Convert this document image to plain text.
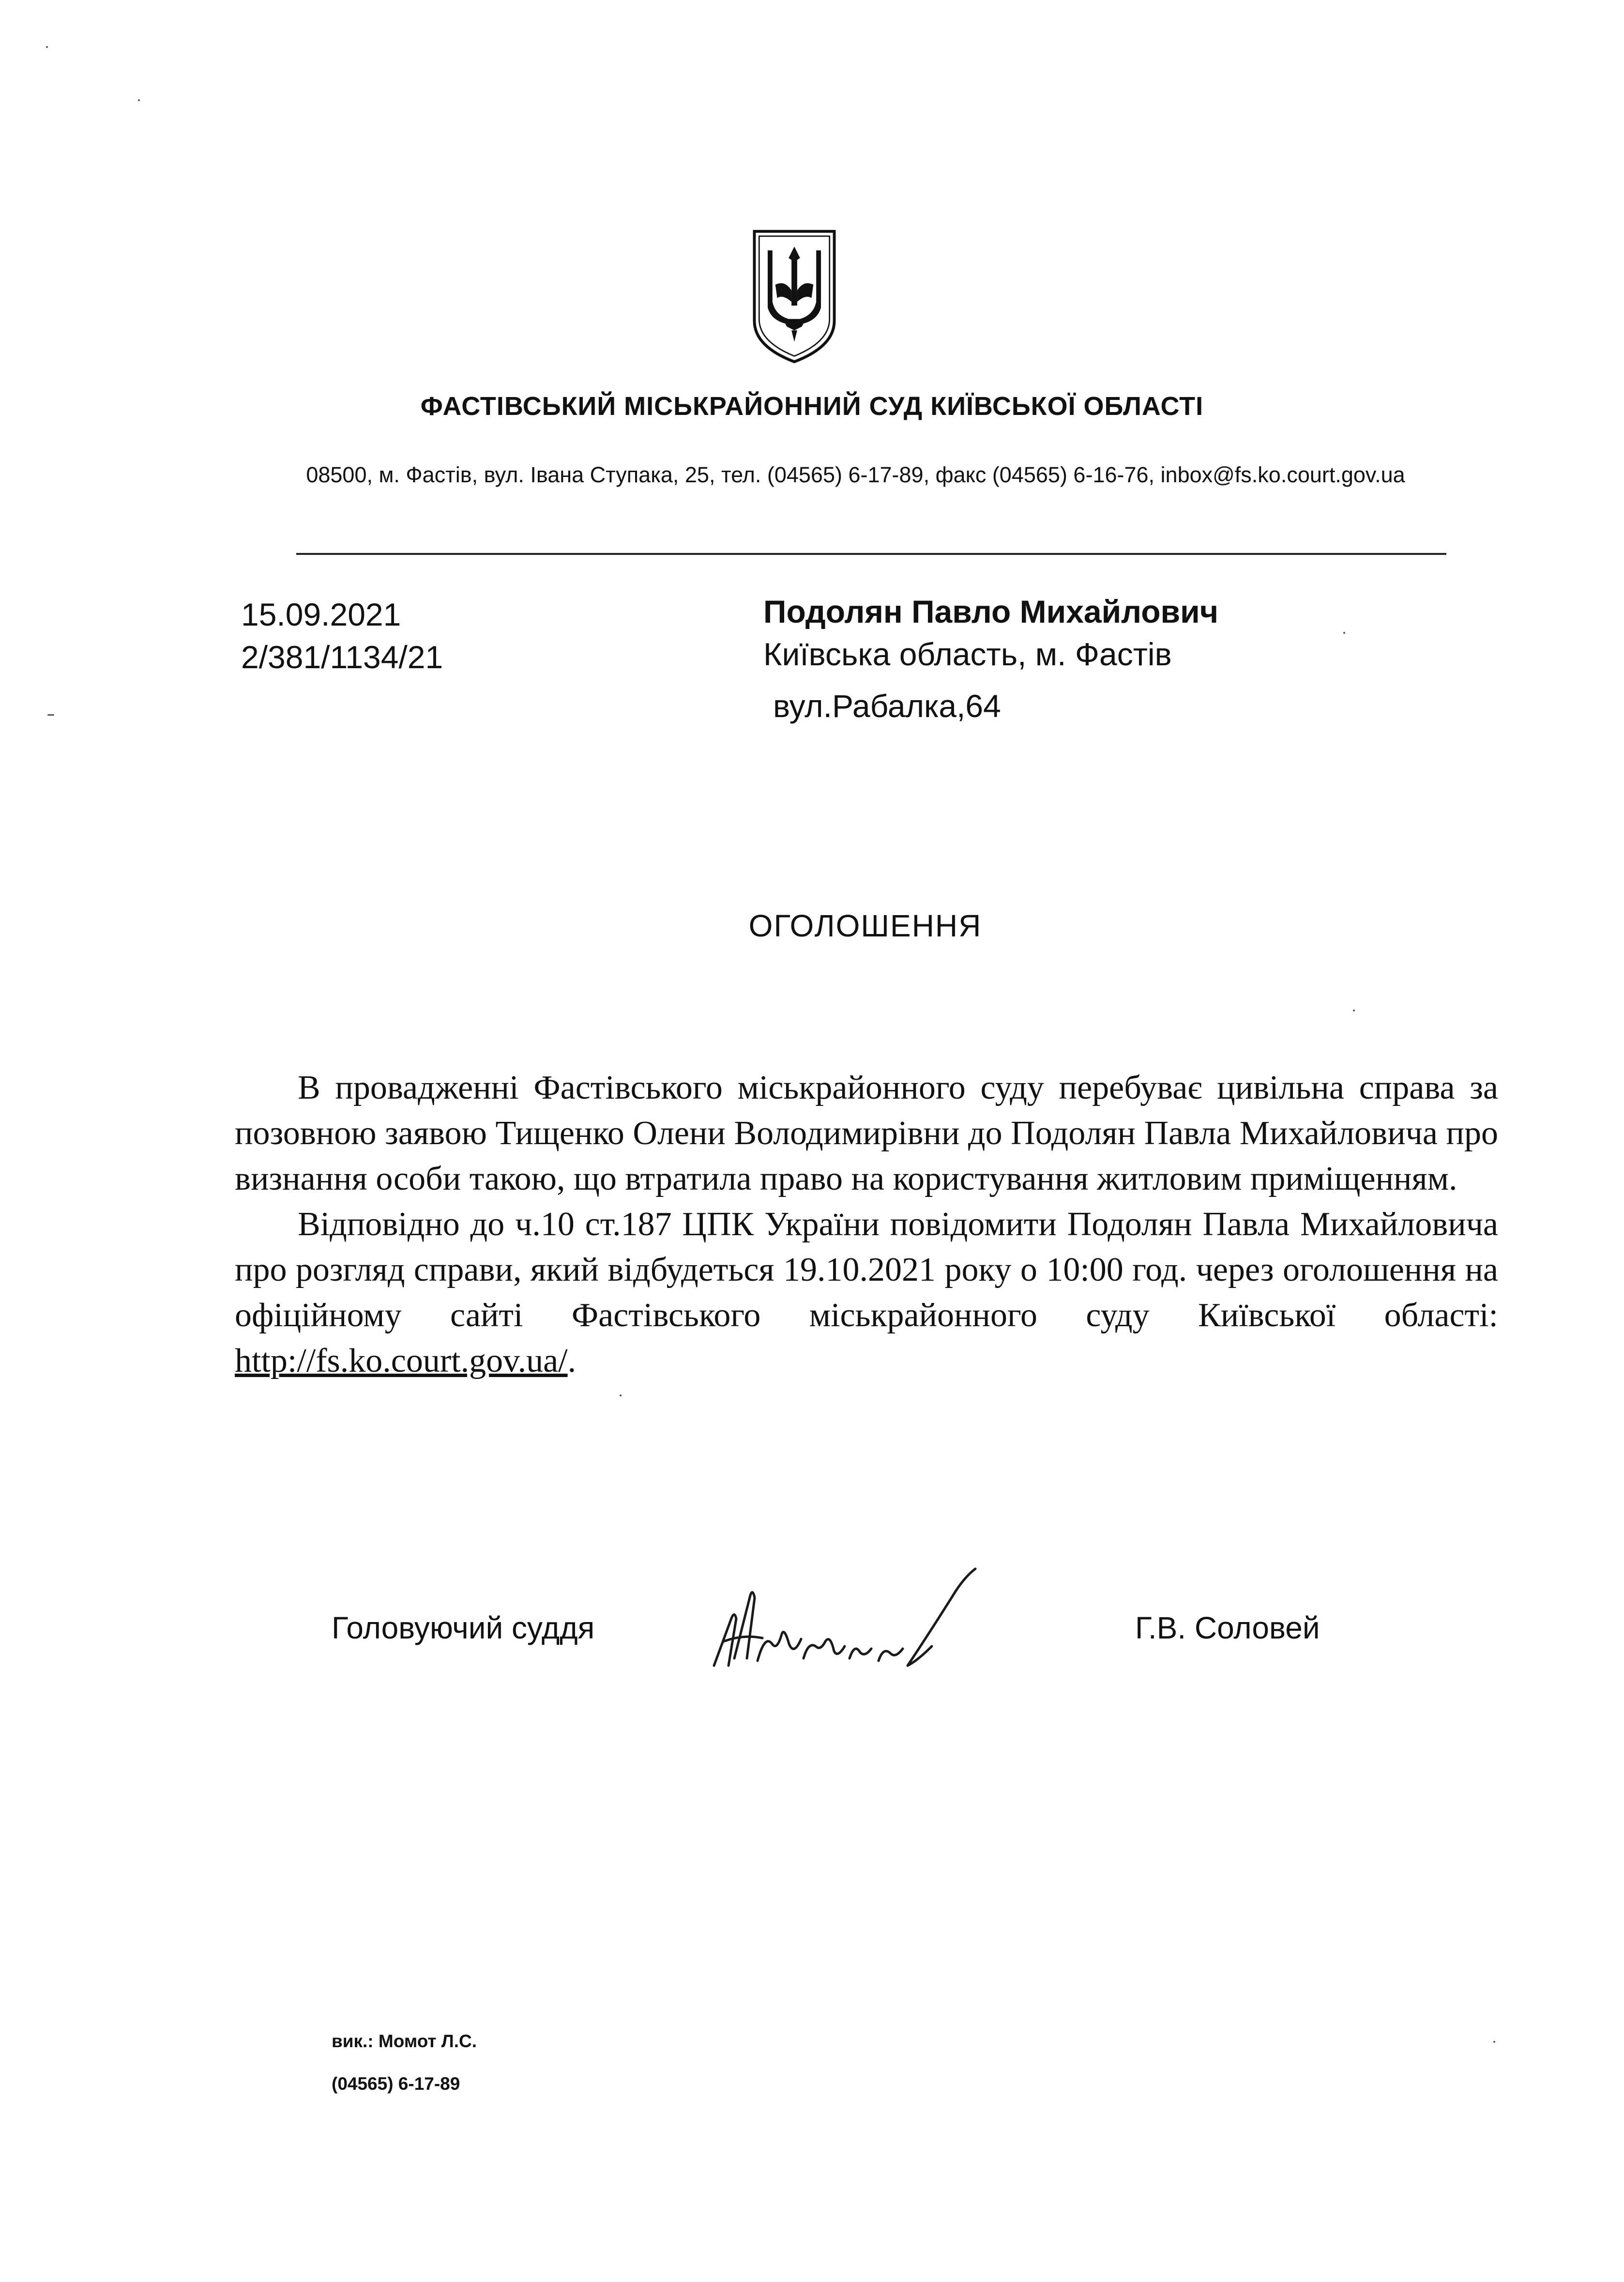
ФАСТІВСЬКИЙ МІСЬКРАЙОННИЙ СУД КИЇВСЬКОЇ ОБЛАСТІ
08500, м. Фастів, вул. Івана Ступака, 25, тел. (04565) 6-17-89, факс (04565) 6-16-76, inbox@fs.ko.court.gov.ua
15.09.2021
2/381/1134/21
Подолян Павло Михайлович
Київська область, м. Фастів
вул.Рабалка,64
ОГОЛОШЕННЯ

В провадженні Фастівського міськрайонного суду перебуває цивільна справа за позовною заявою Тищенко Олени Володимирівни до Подолян Павла Михайловича про визнання особи такою, що втратила право на користування житловим приміщенням.

Відповідно до ч.10 ст.187 ЦПК України повідомити Подолян Павла Михайловича про розгляд справи, який відбудеться 19.10.2021 року о 10:00 год. через оголошення на офіційному сайті Фастівського міськрайонного суду Київської області: http://fs.ko.court.gov.ua/.

Головуючий суддя	Г.В. Соловей
вик.: Момот Л.С.
(04565) 6-17-89
